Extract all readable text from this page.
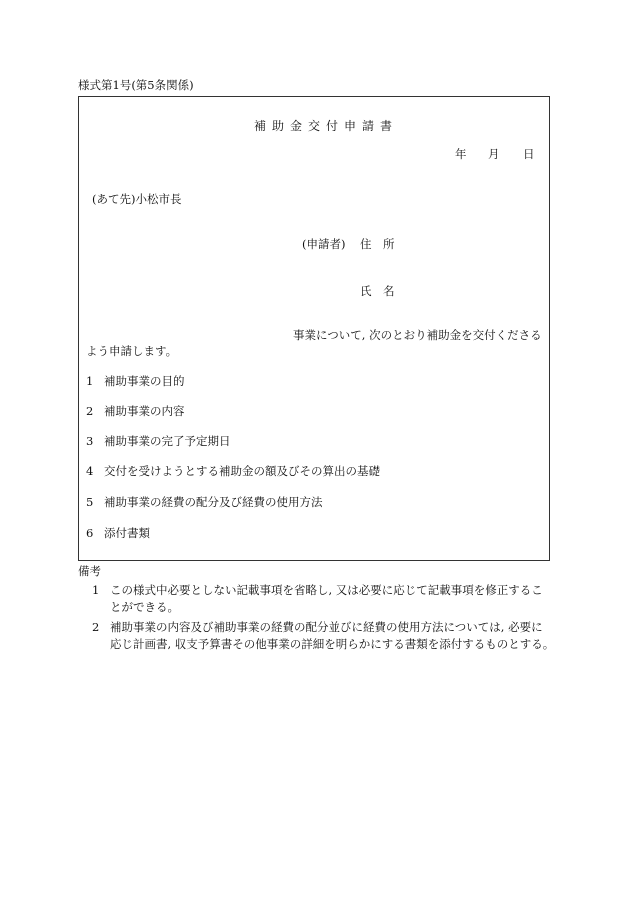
様式第1号(第5条関係)
補助金交付申請書
年 月 日
(あて先)小松市長
(申請者) 住　所
氏　名
事業について, 次のとおり補助金を交付くださる
よう申請します。
1 補助事業の目的
2 補助事業の内容
3 補助事業の完了予定期日
4 交付を受けようとする補助金の額及びその算出の基礎
5 補助事業の経費の配分及び経費の使用方法
6 添付書類
備考
1 この様式中必要としない記載事項を省略し, 又は必要に応じて記載事項を修正するこ
とができる。
2 補助事業の内容及び補助事業の経費の配分並びに経費の使用方法については, 必要に
応じ計画書, 収支予算書その他事業の詳細を明らかにする書類を添付するものとする。
